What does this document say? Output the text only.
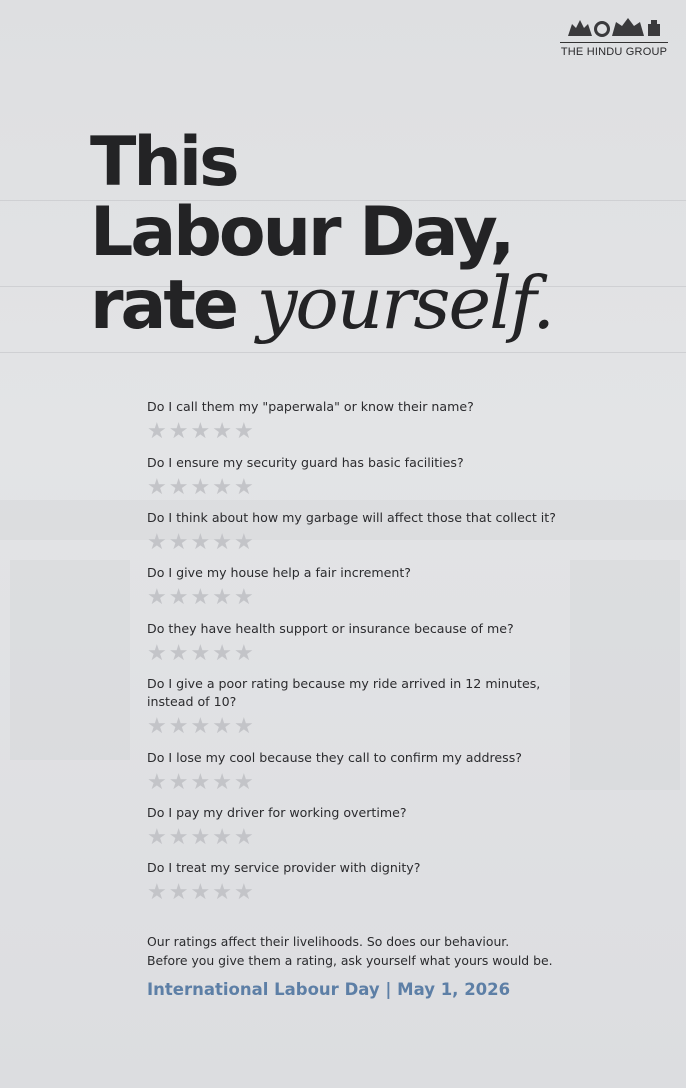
THE HINDU GROUP
This
Labour Day,
rate yourself.
Do I call them my "paperwala" or know their name?
★★★★★
Do I ensure my security guard has basic facilities?
★★★★★
Do I think about how my garbage will affect those that collect it?
★★★★★
Do I give my house help a fair increment?
★★★★★
Do they have health support or insurance because of me?
★★★★★
Do I give a poor rating because my ride arrived in 12 minutes,
instead of 10?
★★★★★
Do I lose my cool because they call to confirm my address?
★★★★★
Do I pay my driver for working overtime?
★★★★★
Do I treat my service provider with dignity?
★★★★★
Our ratings affect their livelihoods. So does our behaviour.
Before you give them a rating, ask yourself what yours would be.
International Labour Day | May 1, 2026
